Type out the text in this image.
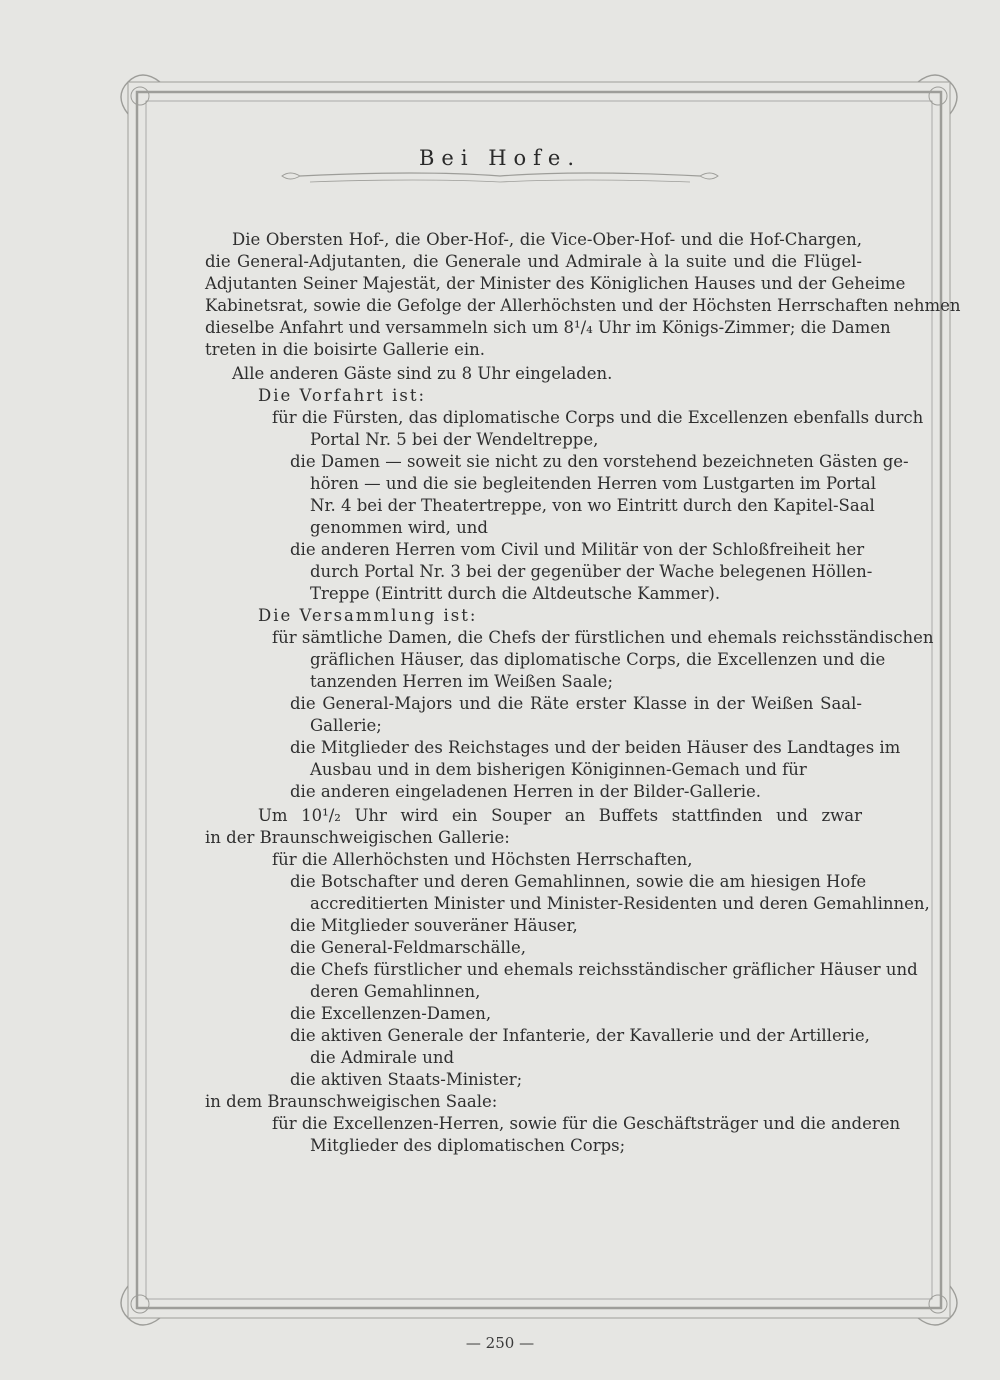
Bei Hofe.
Die Obersten Hof-, die Ober-Hof-, die Vice-Ober-Hof- und die Hof-Chargen,
die General-Adjutanten, die Generale und Admirale à la suite und die Flügel-
Adjutanten Seiner Majestät, der Minister des Königlichen Hauses und der Geheime
Kabinetsrat, sowie die Gefolge der Allerhöchsten und der Höchsten Herrschaften nehmen
dieselbe Anfahrt und versammeln sich um 8¹/₄ Uhr im Königs-Zimmer; die Damen
treten in die boisirte Gallerie ein.
Alle anderen Gäste sind zu 8 Uhr eingeladen.
Die Vorfahrt ist:
für die Fürsten, das diplomatische Corps und die Excellenzen ebenfalls durch
Portal Nr. 5 bei der Wendeltreppe,
die Damen — soweit sie nicht zu den vorstehend bezeichneten Gästen ge-
hören — und die sie begleitenden Herren vom Lustgarten im Portal
Nr. 4 bei der Theatertreppe, von wo Eintritt durch den Kapitel-Saal
genommen wird, und
die anderen Herren vom Civil und Militär von der Schloßfreiheit her
durch Portal Nr. 3 bei der gegenüber der Wache belegenen Höllen-
Treppe (Eintritt durch die Altdeutsche Kammer).
Die Versammlung ist:
für sämtliche Damen, die Chefs der fürstlichen und ehemals reichsständischen
gräflichen Häuser, das diplomatische Corps, die Excellenzen und die
tanzenden Herren im Weißen Saale;
die General-Majors und die Räte erster Klasse in der Weißen Saal-
Gallerie;
die Mitglieder des Reichstages und der beiden Häuser des Landtages im
Ausbau und in dem bisherigen Königinnen-Gemach und für
die anderen eingeladenen Herren in der Bilder-Gallerie.
Um 10¹/₂ Uhr wird ein Souper an Buffets stattfinden und zwar
in der Braunschweigischen Gallerie:
für die Allerhöchsten und Höchsten Herrschaften,
die Botschafter und deren Gemahlinnen, sowie die am hiesigen Hofe
accreditierten Minister und Minister-Residenten und deren Gemahlinnen,
die Mitglieder souveräner Häuser,
die General-Feldmarschälle,
die Chefs fürstlicher und ehemals reichsständischer gräflicher Häuser und
deren Gemahlinnen,
die Excellenzen-Damen,
die aktiven Generale der Infanterie, der Kavallerie und der Artillerie,
die Admirale und
die aktiven Staats-Minister;
in dem Braunschweigischen Saale:
für die Excellenzen-Herren, sowie für die Geschäftsträger und die anderen
Mitglieder des diplomatischen Corps;
— 250 —
